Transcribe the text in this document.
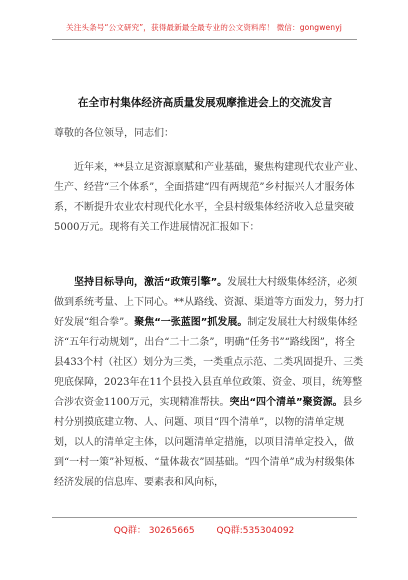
关注头条号“公文研究”，获得最新最全最专业的公文资料库！ 微信：gongwenyj
在全市村集体经济高质量发展观摩推进会上的交流发言

尊敬的各位领导，同志们：

近年来，**县立足资源禀赋和产业基础，聚焦构建现代农业产业、生产、经营“三个体系”，全面搭建“四有两规范”乡村振兴人才服务体系，不断提升农业农村现代化水平，全县村级集体经济收入总量突破5000万元。现将有关工作进展情况汇报如下：

坚持目标导向，激活“政策引擎”。发展壮大村级集体经济，必须做到系统考量、上下同心。**从路线、资源、渠道等方面发力，努力打好发展“组合拳”。聚焦“一张蓝图”抓发展。制定发展壮大村级集体经济“五年行动规划”，出台“二十二条”，明确“任务书”“路线图”，将全县433个村（社区）划分为三类，一类重点示范、二类巩固提升、三类兜底保障，2023年在11个县投入县直单位政策、资金、项目，统筹整合涉农资金1100万元，实现精准帮扶。突出“四个清单”聚资源。县乡村分别摸底建立物、人、问题、项目“四个清单”，以物的清单定规划，以人的清单定主体，以问题清单定措施，以项目清单定投入，做到“一村一策”补短板、“量体裁衣”固基础。“四个清单”成为村级集体经济发展的信息库、要素表和风向标，

QQ群： 30265665 QQ群:535304092
